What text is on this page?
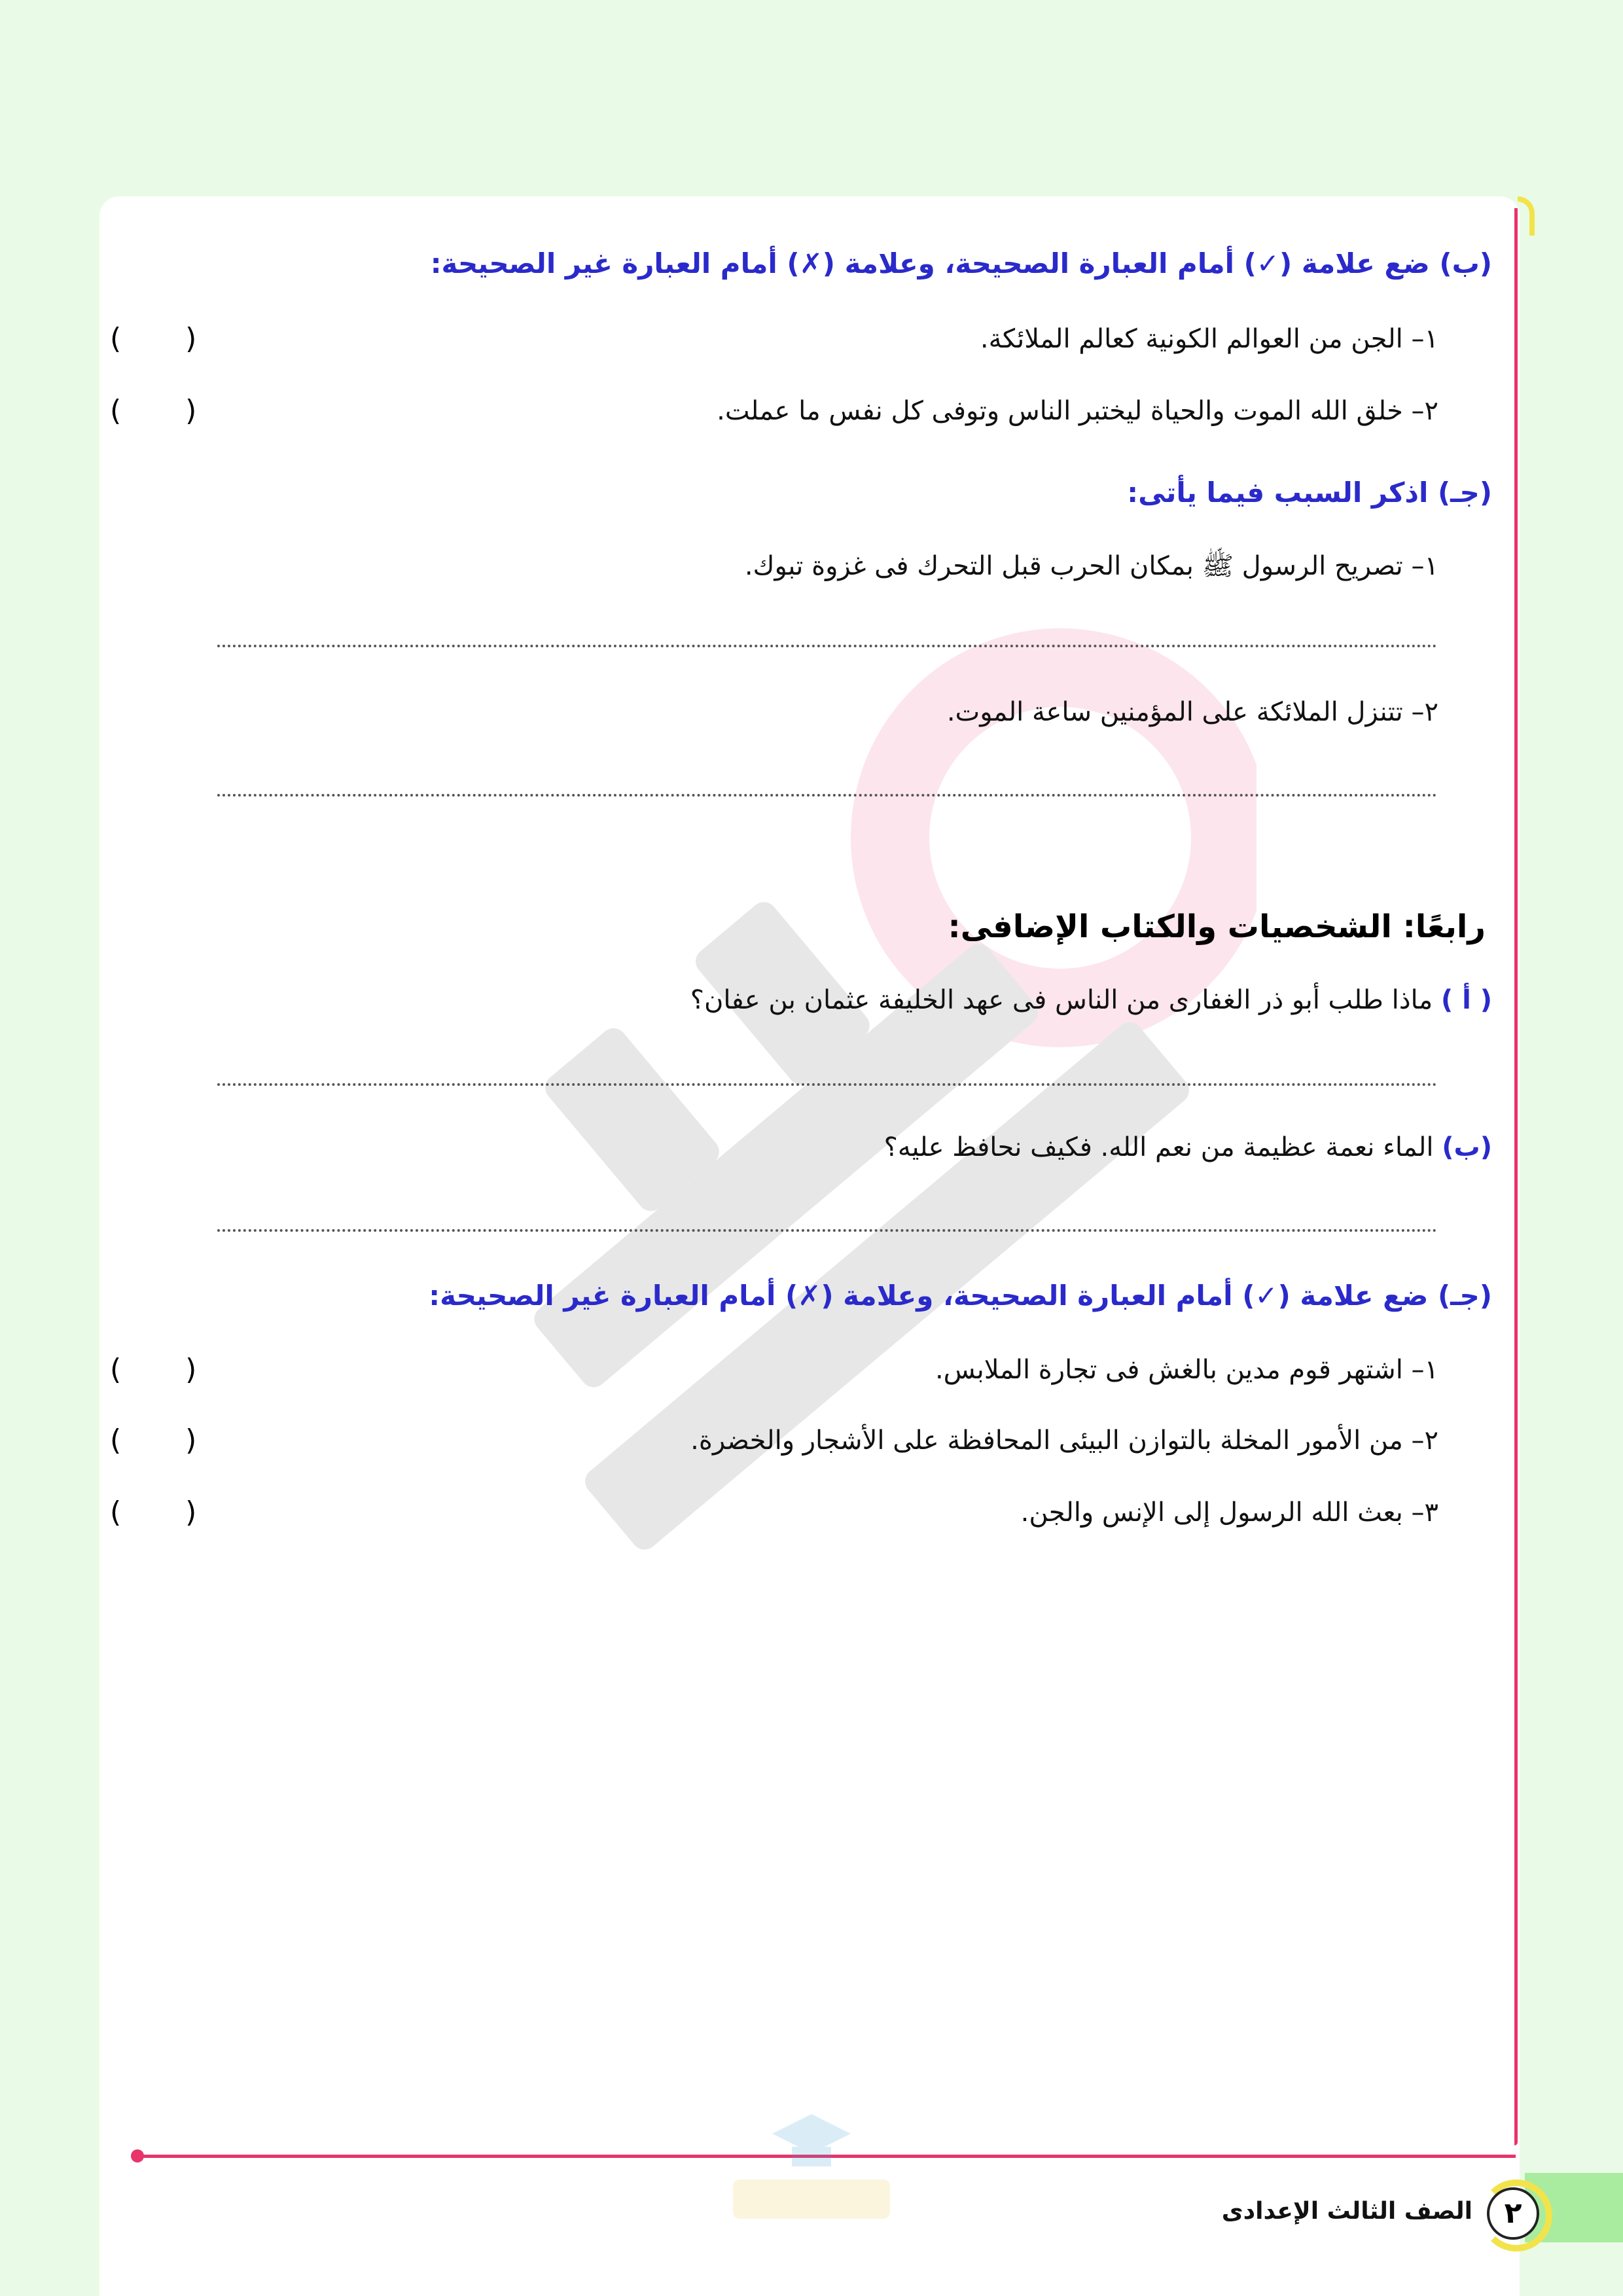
(ب) ضع علامة (✓) أمام العبارة الصحيحة، وعلامة (✗) أمام العبارة غير الصحيحة:
١– الجن من العوالم الكونية كعالم الملائكة.
(       )
٢– خلق الله الموت والحياة ليختبر الناس وتوفى كل نفس ما عملت.
(       )
(جـ) اذكر السبب فيما يأتى:
١– تصريح الرسول ﷺ بمكان الحرب قبل التحرك فى غزوة تبوك.
٢– تتنزل الملائكة على المؤمنين ساعة الموت.
رابعًا: الشخصيات والكتاب الإضافى:
( أ ) ماذا طلب أبو ذر الغفارى من الناس فى عهد الخليفة عثمان بن عفان؟
(ب) الماء نعمة عظيمة من نعم الله. فكيف نحافظ عليه؟
(جـ) ضع علامة (✓) أمام العبارة الصحيحة، وعلامة (✗) أمام العبارة غير الصحيحة:
١– اشتهر قوم مدين بالغش فى تجارة الملابس.
(       )
٢– من الأمور المخلة بالتوازن البيئى المحافظة على الأشجار والخضرة.
(       )
٣– بعث الله الرسول إلى الإنس والجن.
(       )
٢
الصف الثالث الإعدادى
